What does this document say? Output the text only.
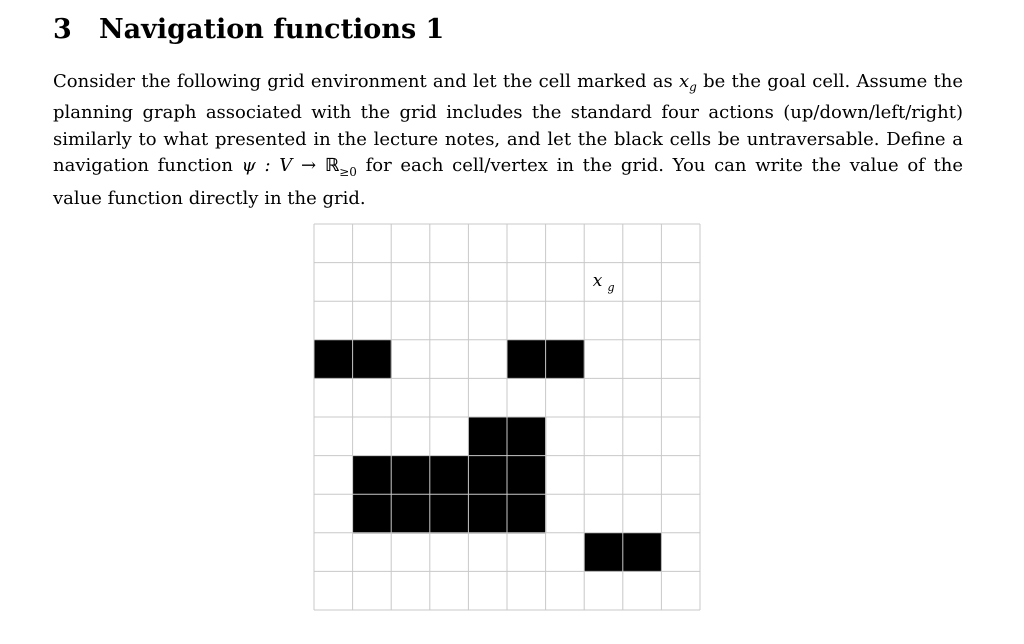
3 Navigation functions 1
Consider the following grid environment and let the cell marked as $x_g$ be the goal cell. Assume the
planning graph associated with the grid includes the standard four actions (up/down/left/right)
similarly to what presented in the lecture notes, and let the black cells be untraversable. Define a
navigation function ψ : V → ℝ$_{\ge 0}$ for each cell/vertex in the grid. You can write the value of the
value function directly in the grid.
x g
